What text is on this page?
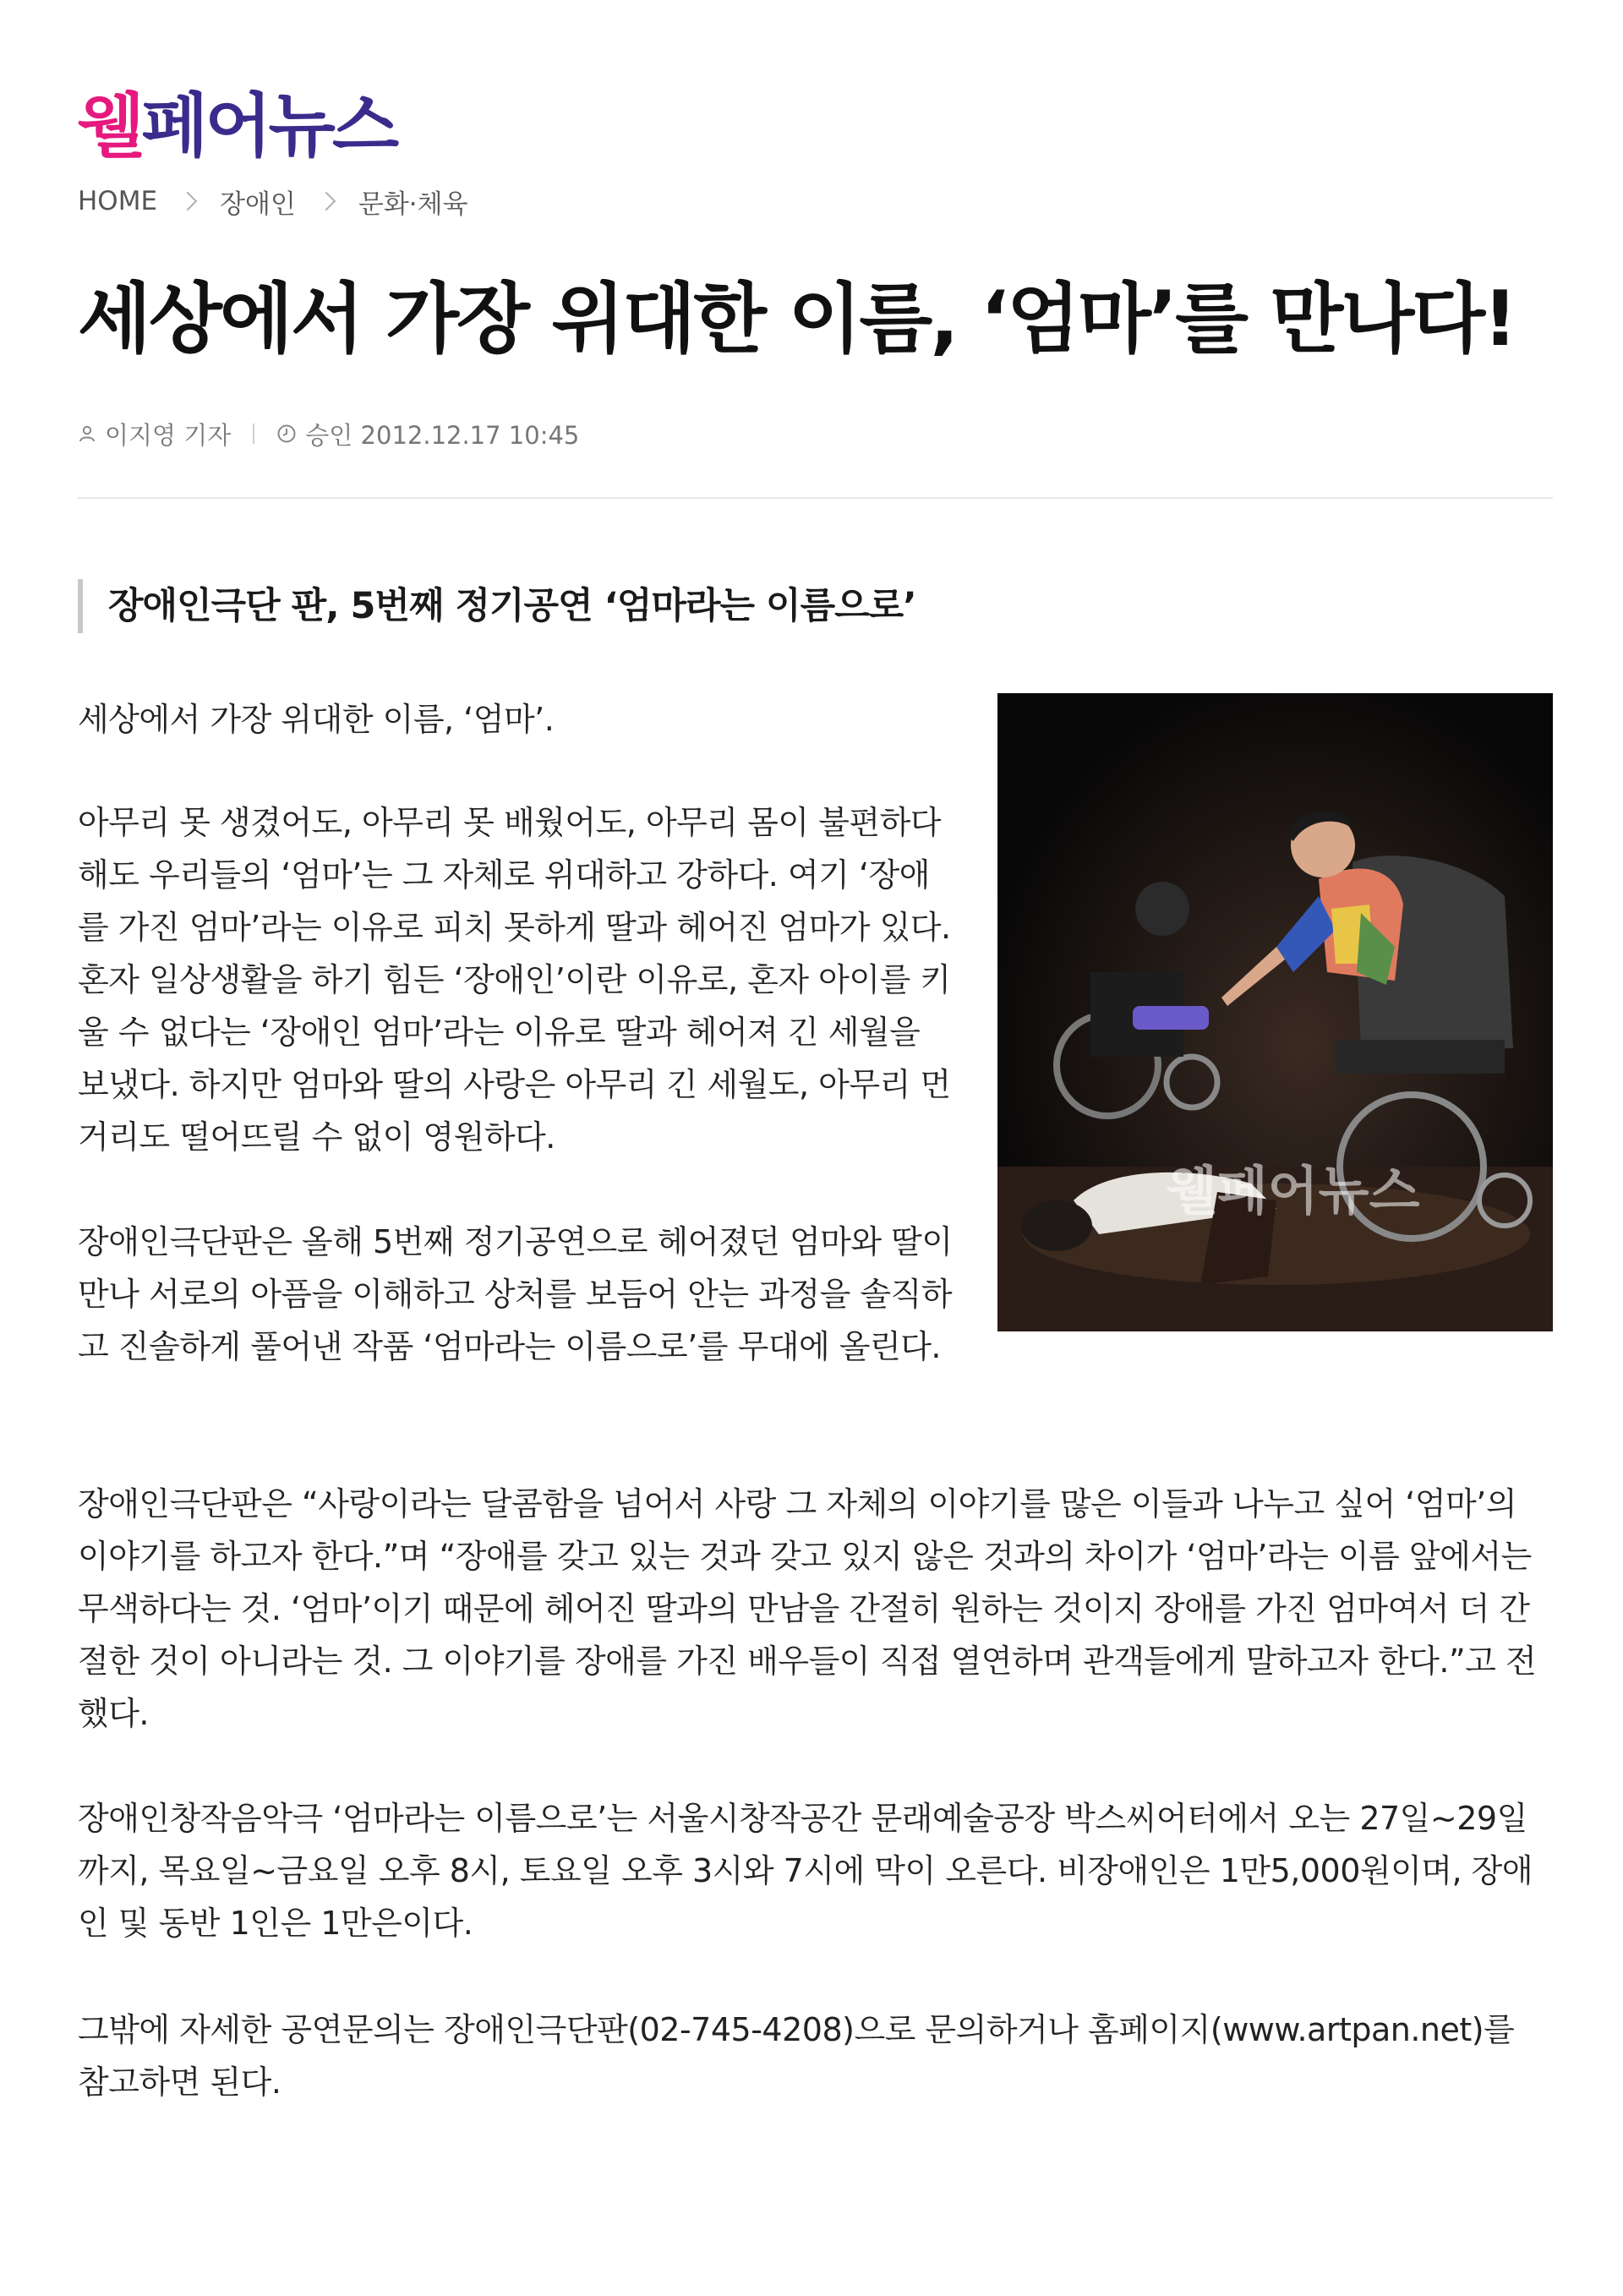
웰페어뉴스
HOME 장애인 문화·체육
세상에서 가장 위대한 이름, ‘엄마’를 만나다!
이지영 기자	승인 2012.12.17 10:45
장애인극단 판, 5번째 정기공연 ‘엄마라는 이름으로’
웰페어뉴스

세상에서 가장 위대한 이름, ‘엄마’.

아무리 못 생겼어도, 아무리 못 배웠어도, 아무리 몸이 불편하다 해도 우리들의 ‘엄마’는 그 자체로 위대하고 강하다. 여기 ‘장애를 가진 엄마’라는 이유로 피치 못하게 딸과 헤어진 엄마가 있다. 혼자 일상생활을 하기 힘든 ‘장애인’이란 이유로, 혼자 아이를 키울 수 없다는 ‘장애인 엄마’라는 이유로 딸과 헤어져 긴 세월을 보냈다. 하지만 엄마와 딸의 사랑은 아무리 긴 세월도, 아무리 먼 거리도 떨어뜨릴 수 없이 영원하다.

장애인극단판은 올해 5번째 정기공연으로 헤어졌던 엄마와 딸이 만나 서로의 아픔을 이해하고 상처를 보듬어 안는 과정을 솔직하고 진솔하게 풀어낸 작품 ‘엄마라는 이름으로’를 무대에 올린다.

장애인극단판은 “사랑이라는 달콤함을 넘어서 사랑 그 자체의 이야기를 많은 이들과 나누고 싶어 ‘엄마’의 이야기를 하고자 한다.”며 “장애를 갖고 있는 것과 갖고 있지 않은 것과의 차이가 ‘엄마’라는 이름 앞에서는 무색하다는 것. ‘엄마’이기 때문에 헤어진 딸과의 만남을 간절히 원하는 것이지 장애를 가진 엄마여서 더 간절한 것이 아니라는 것. 그 이야기를 장애를 가진 배우들이 직접 열연하며 관객들에게 말하고자 한다.”고 전했다.

장애인창작음악극 ‘엄마라는 이름으로’는 서울시창작공간 문래예술공장 박스씨어터에서 오는 27일~29일까지, 목요일~금요일 오후 8시, 토요일 오후 3시와 7시에 막이 오른다. 비장애인은 1만5,000원이며, 장애인 및 동반 1인은 1만은이다.

그밖에 자세한 공연문의는 장애인극단판(02-745-4208)으로 문의하거나 홈페이지(www.artpan.net)를 참고하면 된다.
